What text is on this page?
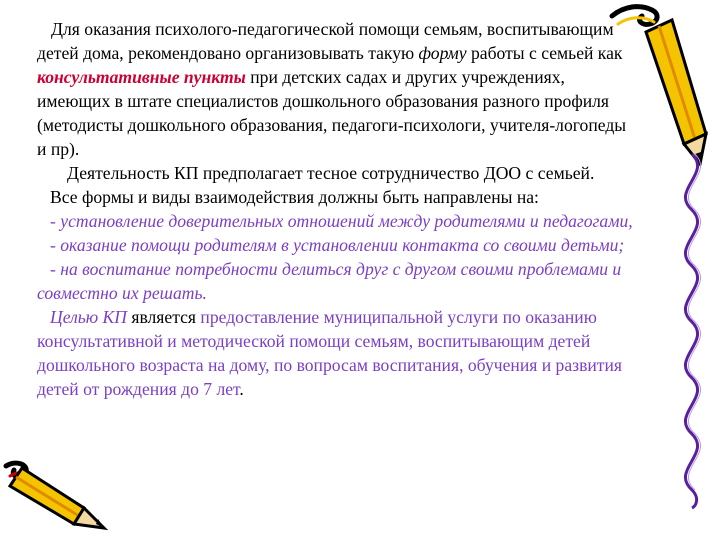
Для оказания психолого-педагогической помощи семьям, воспитывающим детей дома, рекомендовано организовывать такую форму работы с семьей как консультативные пункты при детских садах и других учреждениях, имеющих в штате специалистов дошкольного образования разного профиля (методисты дошкольного образования, педагоги-психологи, учителя-логопеды и пр).

Деятельность КП предполагает тесное сотрудничество ДОО с семьей.

Все формы и виды взаимодействия должны быть направлены на:

- установление доверительных отношений между родителями и педагогами,

- оказание помощи родителям в установлении контакта со своими детьми;

- на воспитание потребности делиться друг с другом своими проблемами и совместно их решать.

Целью КП является предоставление муниципальной услуги по оказанию консультативной и методической помощи семьям, воспитывающим детей дошкольного возраста на дому, по вопросам воспитания, обучения и развития детей от рождения до 7 лет.
